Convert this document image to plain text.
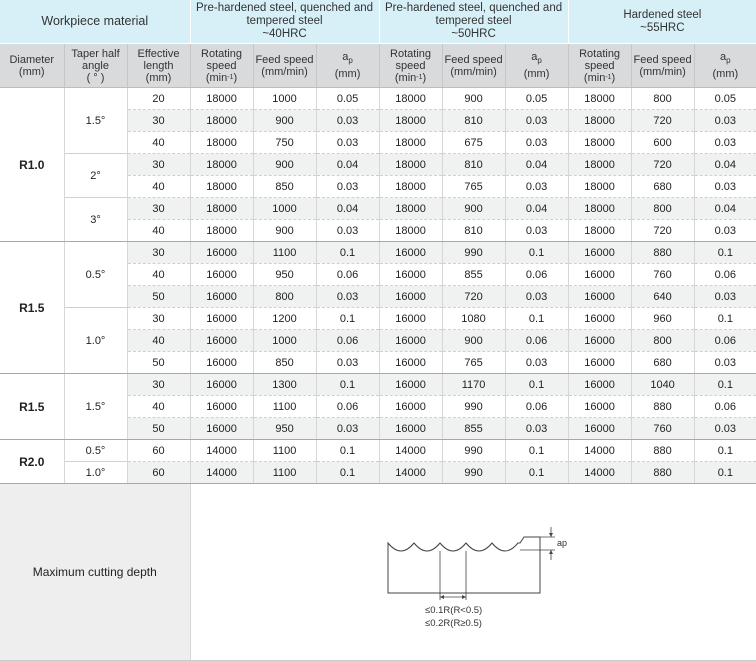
Workpiece material			Pre-hardened steel, quenched and
tempered steel
~40HRC			Pre-hardened steel, quenched and
tempered steel
~50HRC			Hardened steel
~55HRC		
Diameter
(mm)	Taper half
angle
( ° )	Effective
length
(mm)	Rotating
speed
$(\min^{-1})$	Feed speed
(mm/min)	$a_p$
(mm)	Rotating
speed
$(\min^{-1})$	Feed speed
(mm/min)	$a_p$
(mm)	Rotating
speed
$(\min^{-1})$	Feed speed
(mm/min)	$a_p$
(mm)
R1.0	1.5°	20	18000	1000	0.05	18000	900	0.05	18000	800	0.05
		30	18000	900	0.03	18000	810	0.03	18000	720	0.03
		40	18000	750	0.03	18000	675	0.03	18000	600	0.03
	2°	30	18000	900	0.04	18000	810	0.04	18000	720	0.04
		40	18000	850	0.03	18000	765	0.03	18000	680	0.03
	3°	30	18000	1000	0.04	18000	900	0.04	18000	800	0.04
		40	18000	900	0.03	18000	810	0.03	18000	720	0.03
R1.5	0.5°	30	16000	1100	0.1	16000	990	0.1	16000	880	0.1
		40	16000	950	0.06	16000	855	0.06	16000	760	0.06
		50	16000	800	0.03	16000	720	0.03	16000	640	0.03
	1.0°	30	16000	1200	0.1	16000	1080	0.1	16000	960	0.1
		40	16000	1000	0.06	16000	900	0.06	16000	800	0.06
		50	16000	850	0.03	16000	765	0.03	16000	680	0.03
R1.5	1.5°	30	16000	1300	0.1	16000	1170	0.1	16000	1040	0.1
		40	16000	1100	0.06	16000	990	0.06	16000	880	0.06
		50	16000	950	0.03	16000	855	0.03	16000	760	0.03
R2.0	0.5°	60	14000	1100	0.1	14000	990	0.1	14000	880	0.1
	1.0°	60	14000	1100	0.1	14000	990	0.1	14000	880	0.1
Maximum cutting depth			ap
≤0.1R(R<0.5)
≤0.2R(R≥0.5)								
